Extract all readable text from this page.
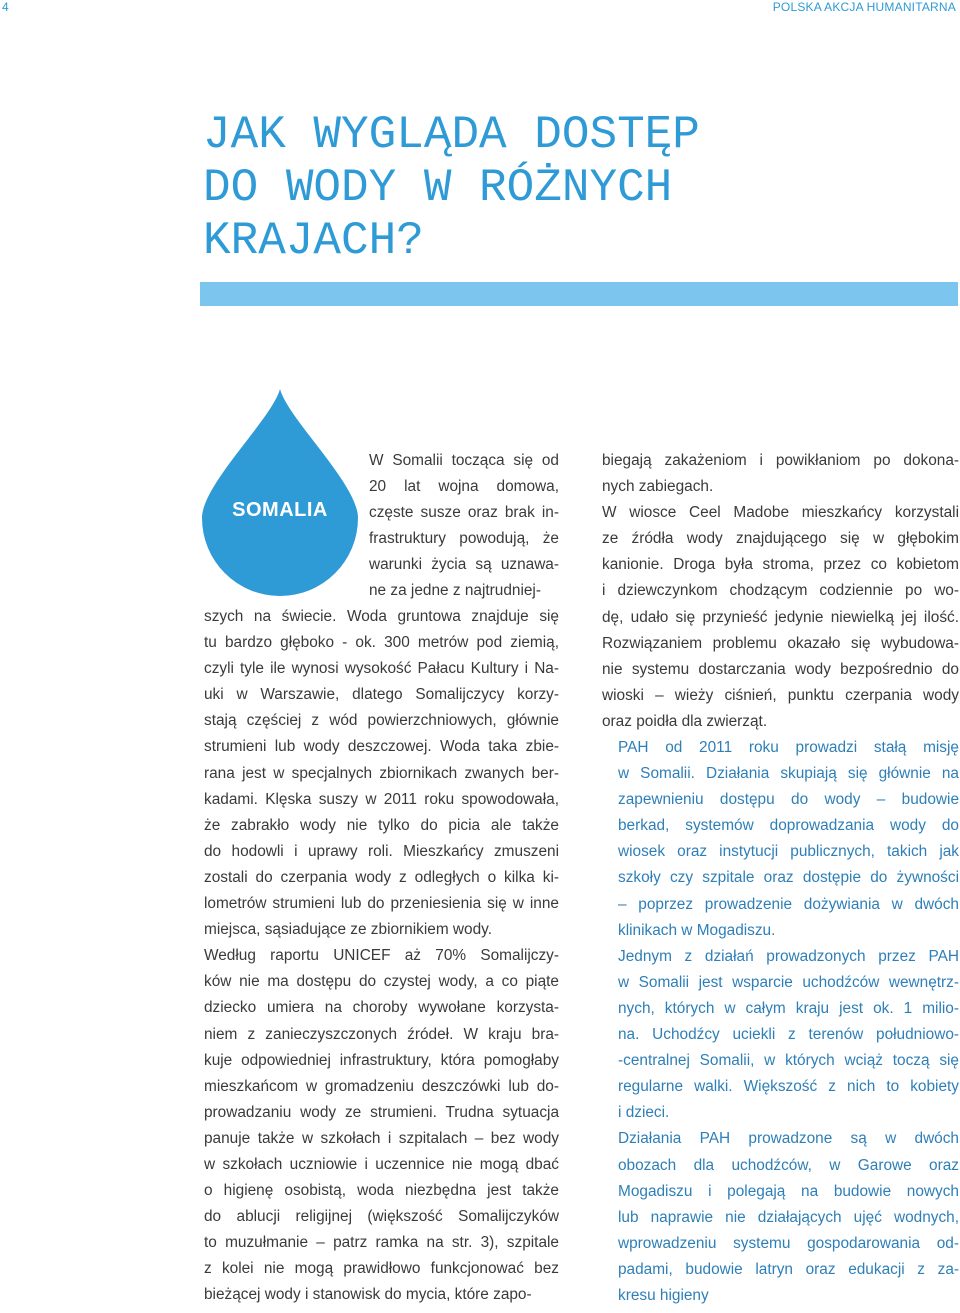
4	POLSKA AKCJA HUMANITARNA
JAK WYGLĄDA DOSTĘP
DO WODY W RÓŻNYCH
KRAJACH?
SOMALIA
W Somalii tocząca się od
20 lat wojna domowa,
częste susze oraz brak in-
frastruktury powodują, że
warunki życia są uznawa-
ne za jedne z najtrudniej-
szych na świecie. Woda gruntowa znajduje się
tu bardzo głęboko - ok. 300 metrów pod ziemią,
czyli tyle ile wynosi wysokość Pałacu Kultury i Na-
uki w Warszawie, dlatego Somalijczycy korzy-
stają częściej z wód powierzchniowych, głównie
strumieni lub wody deszczowej. Woda taka zbie-
rana jest w specjalnych zbiornikach zwanych ber-
kadami. Klęska suszy w 2011 roku spowodowała,
że zabrakło wody nie tylko do picia ale także
do hodowli i uprawy roli. Mieszkańcy zmuszeni
zostali do czerpania wody z odległych o kilka ki-
lometrów strumieni lub do przeniesienia się w inne
miejsca, sąsiadujące ze zbiornikiem wody.
Według raportu UNICEF aż 70% Somalijczy-
ków nie ma dostępu do czystej wody, a co piąte
dziecko umiera na choroby wywołane korzysta-
niem z zanieczyszczonych źródeł. W kraju bra-
kuje odpowiedniej infrastruktury, która pomogłaby
mieszkańcom w gromadzeniu deszczówki lub do-
prowadzaniu wody ze strumieni. Trudna sytuacja
panuje także w szkołach i szpitalach – bez wody
w szkołach uczniowie i uczennice nie mogą dbać
o higienę osobistą, woda niezbędna jest także
do ablucji religijnej (większość Somalijczyków
to muzułmanie – patrz ramka na str. 3), szpitale
z kolei nie mogą prawidłowo funkcjonować bez
bieżącej wody i stanowisk do mycia, które zapo-
biegają zakażeniom i powikłaniom po dokona-
nych zabiegach.
W wiosce Ceel Madobe mieszkańcy korzystali
ze źródła wody znajdującego się w głębokim
kanionie. Droga była stroma, przez co kobietom
i dziewczynkom chodzącym codziennie po wo-
dę, udało się przynieść jedynie niewielką jej ilość.
Rozwiązaniem problemu okazało się wybudowa-
nie systemu dostarczania wody bezpośrednio do
wioski – wieży ciśnień, punktu czerpania wody
oraz poidła dla zwierząt.
PAH od 2011 roku prowadzi stałą misję
w Somalii. Działania skupiają się głównie na
zapewnieniu dostępu do wody – budowie
berkad, systemów doprowadzania wody do
wiosek oraz instytucji publicznych, takich jak
szkoły czy szpitale oraz dostępie do żywności
– poprzez prowadzenie dożywiania w dwóch
klinikach w Mogadiszu.
Jednym z działań prowadzonych przez PAH
w Somalii jest wsparcie uchodźców wewnętrz-
nych, których w całym kraju jest ok. 1 milio-
na. Uchodźcy uciekli z terenów południowo-
-centralnej Somalii, w których wciąż toczą się
regularne walki. Większość z nich to kobiety
i dzieci.
Działania PAH prowadzone są w dwóch
obozach dla uchodźców, w Garowe oraz
Mogadiszu i polegają na budowie nowych
lub naprawie nie działających ujęć wodnych,
wprowadzeniu systemu gospodarowania od-
padami, budowie latryn oraz edukacji z za-
kresu higieny
